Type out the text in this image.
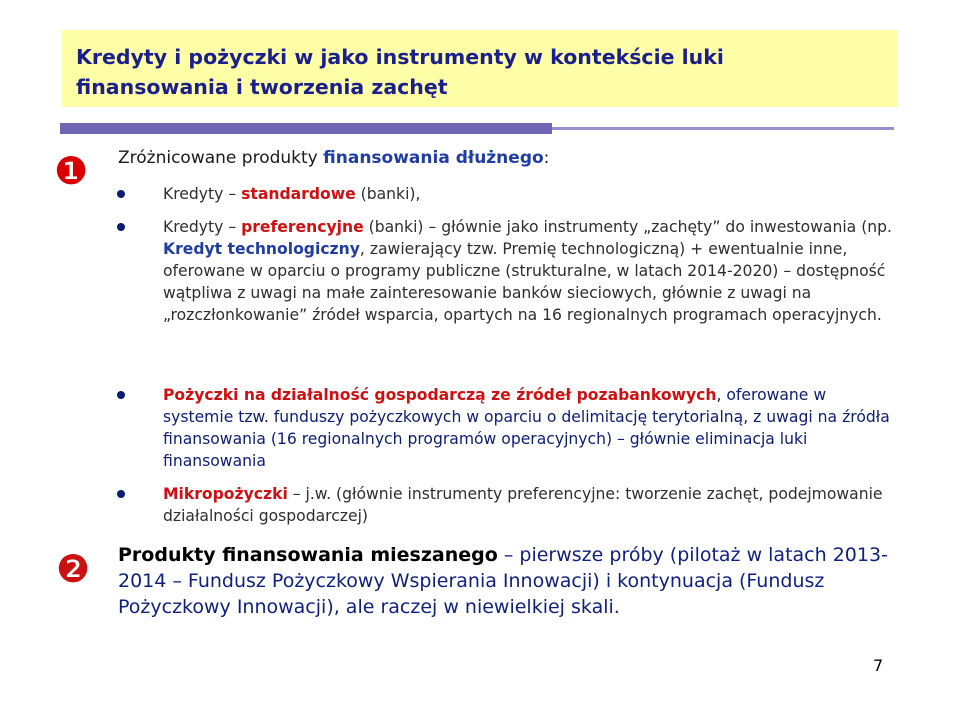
Kredyty i pożyczki w jako instrumenty w kontekście luki
finansowania i tworzenia zachęt
❶ Zróżnicowane produkty finansowania dłużnego:
Kredyty – standardowe (banki),
Kredyty – preferencyjne (banki) – głównie jako instrumenty „zachęty” do inwestowania (np. Kredyt technologiczny, zawierający tzw. Premię technologiczną) + ewentualnie inne, oferowane w oparciu o programy publiczne (strukturalne, w latach 2014-2020) – dostępność wątpliwa z uwagi na małe zainteresowanie banków sieciowych, głównie z uwagi na „rozczłonkowanie” źródeł wsparcia, opartych na 16 regionalnych programach operacyjnych.
Pożyczki na działalność gospodarczą ze źródeł pozabankowych, oferowane w systemie tzw. funduszy pożyczkowych w oparciu o delimitację terytorialną, z uwagi na źródła finansowania (16 regionalnych programów operacyjnych) – głównie eliminacja luki finansowania
Mikropożyczki – j.w. (głównie instrumenty preferencyjne: tworzenie zachęt, podejmowanie działalności gospodarczej)
❷ Produkty finansowania mieszanego – pierwsze próby (pilotaż w latach 2013-2014 – Fundusz Pożyczkowy Wspierania Innowacji) i kontynuacja (Fundusz Pożyczkowy Innowacji), ale raczej w niewielkiej skali.
7
